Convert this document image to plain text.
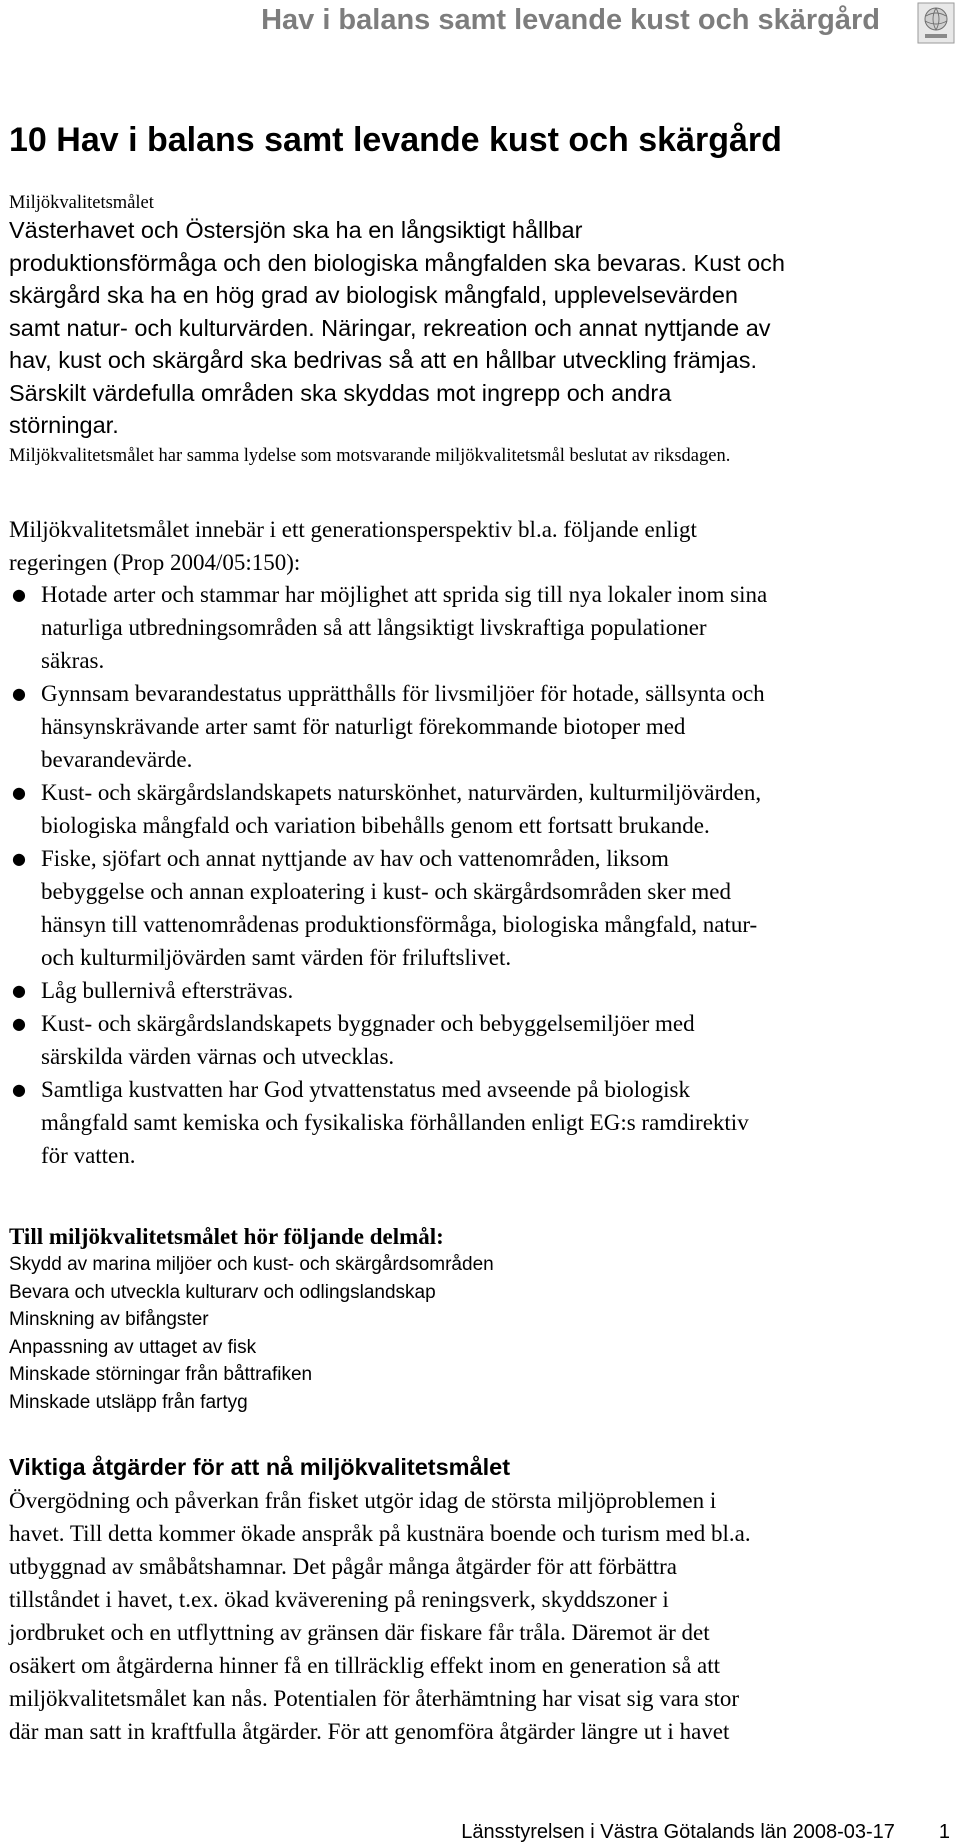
Hav i balans samt levande kust och skärgård
10 Hav i balans samt levande kust och skärgård

Miljökvalitetsmålet

Västerhavet och Östersjön ska ha en långsiktigt hållbar
produktionsförmåga och den biologiska mångfalden ska bevaras. Kust och
skärgård ska ha en hög grad av biologisk mångfald, upplevelsevärden
samt natur- och kulturvärden. Näringar, rekreation och annat nyttjande av
hav, kust och skärgård ska bedrivas så att en hållbar utveckling främjas.
Särskilt värdefulla områden ska skyddas mot ingrepp och andra
störningar.

Miljökvalitetsmålet har samma lydelse som motsvarande miljökvalitetsmål beslutat av riksdagen.

Miljökvalitetsmålet innebär i ett generationsperspektiv bl.a. följande enligt
regeringen (Prop 2004/05:150):

● Hotade arter och stammar har möjlighet att sprida sig till nya lokaler inom sina
naturliga utbredningsområden så att långsiktigt livskraftiga populationer
säkras.
● Gynnsam bevarandestatus upprätthålls för livsmiljöer för hotade, sällsynta och
hänsynskrävande arter samt för naturligt förekommande biotoper med
bevarandevärde.
● Kust- och skärgårdslandskapets naturskönhet, naturvärden, kulturmiljövärden,
biologiska mångfald och variation bibehålls genom ett fortsatt brukande.
● Fiske, sjöfart och annat nyttjande av hav och vattenområden, liksom
bebyggelse och annan exploatering i kust- och skärgårdsområden sker med
hänsyn till vattenområdenas produktionsförmåga, biologiska mångfald, natur-
och kulturmiljövärden samt värden för friluftslivet.
● Låg bullernivå eftersträvas.
● Kust- och skärgårdslandskapets byggnader och bebyggelsemiljöer med
särskilda värden värnas och utvecklas.
● Samtliga kustvatten har God ytvattenstatus med avseende på biologisk
mångfald samt kemiska och fysikaliska förhållanden enligt EG:s ramdirektiv
för vatten.
Till miljökvalitetsmålet hör följande delmål:
Skydd av marina miljöer och kust- och skärgårdsområden
Bevara och utveckla kulturarv och odlingslandskap
Minskning av bifångster
Anpassning av uttaget av fisk
Minskade störningar från båttrafiken
Minskade utsläpp från fartyg
Viktiga åtgärder för att nå miljökvalitetsmålet

Övergödning och påverkan från fisket utgör idag de största miljöproblemen i
havet. Till detta kommer ökade anspråk på kustnära boende och turism med bl.a.
utbyggnad av småbåtshamnar. Det pågår många åtgärder för att förbättra
tillståndet i havet, t.ex. ökad kväverening på reningsverk, skyddszoner i
jordbruket och en utflyttning av gränsen där fiskare får tråla. Däremot är det
osäkert om åtgärderna hinner få en tillräcklig effekt inom en generation så att
miljökvalitetsmålet kan nås. Potentialen för återhämtning har visat sig vara stor
där man satt in kraftfulla åtgärder. För att genomföra åtgärder längre ut i havet

Länsstyrelsen i Västra Götalands län 2008-03-17 1
